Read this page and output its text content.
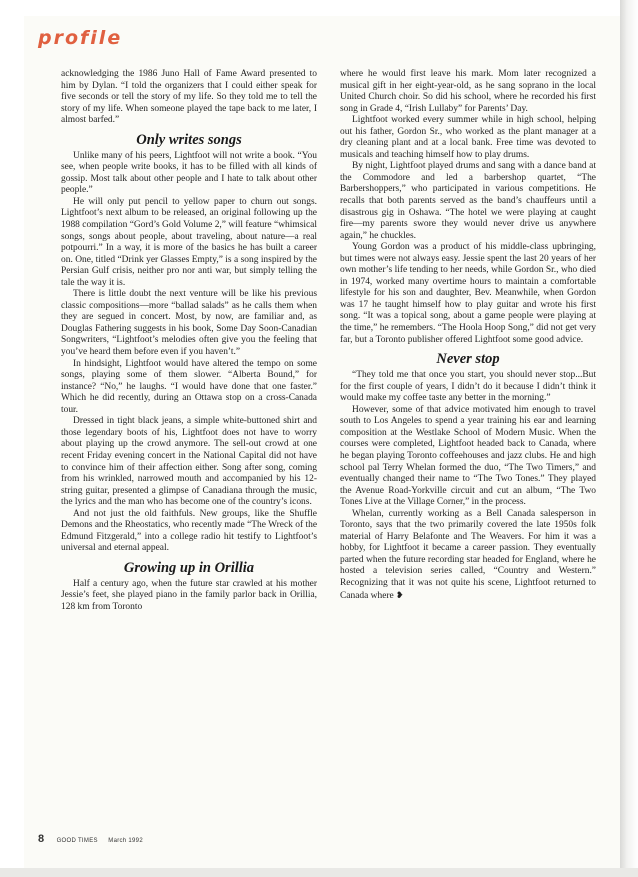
profile

acknowledging the 1986 Juno Hall of Fame Award presented to him by Dylan. “I told the organizers that I could either speak for five seconds or tell the story of my life. So they told me to tell the story of my life. When someone played the tape back to me later, I almost barfed.”

Only writes songs

Unlike many of his peers, Lightfoot will not write a book. “You see, when people write books, it has to be filled with all kinds of gossip. Most talk about other people and I hate to talk about other people.”

He will only put pencil to yellow paper to churn out songs. Lightfoot’s next album to be released, an original following up the 1988 compilation “Gord’s Gold Volume 2,” will feature “whimsical songs, songs about people, about traveling, about nature—a real potpourri.” In a way, it is more of the basics he has built a career on. One, titled “Drink yer Glasses Empty,” is a song inspired by the Persian Gulf crisis, neither pro nor anti war, but simply telling the tale the way it is.

There is little doubt the next venture will be like his previous classic compositions—more “ballad salads” as he calls them when they are segued in concert. Most, by now, are familiar and, as Douglas Fathering suggests in his book, Some Day Soon-Canadian Songwriters, “Lightfoot’s melodies often give you the feeling that you’ve heard them before even if you haven’t.”

In hindsight, Lightfoot would have altered the tempo on some songs, playing some of them slower. “Alberta Bound,” for instance? “No,” he laughs. “I would have done that one faster.” Which he did recently, during an Ottawa stop on a cross-Canada tour.

Dressed in tight black jeans, a simple white-buttoned shirt and those legendary boots of his, Lightfoot does not have to worry about playing up the crowd anymore. The sell-out crowd at one recent Friday evening concert in the National Capital did not have to convince him of their affection either. Song after song, coming from his wrinkled, narrowed mouth and accompanied by his 12-string guitar, presented a glimpse of Canadiana through the music, the lyrics and the man who has become one of the country’s icons.

And not just the old faithfuls. New groups, like the Shuffle Demons and the Rheostatics, who recently made “The Wreck of the Edmund Fitzgerald,” into a college radio hit testify to Lightfoot’s universal and eternal appeal.

Growing up in Orillia

Half a century ago, when the future star crawled at his mother Jessie’s feet, she played piano in the family parlor back in Orillia, 128 km from Toronto

where he would first leave his mark. Mom later recognized a musical gift in her eight-year-old, as he sang soprano in the local United Church choir. So did his school, where he recorded his first song in Grade 4, “Irish Lullaby” for Parents’ Day.

Lightfoot worked every summer while in high school, helping out his father, Gordon Sr., who worked as the plant manager at a dry cleaning plant and at a local bank. Free time was devoted to musicals and teaching himself how to play drums.

By night, Lightfoot played drums and sang with a dance band at the Commodore and led a barbershop quartet, “The Barbershoppers,” who participated in various competitions. He recalls that both parents served as the band’s chauffeurs until a disastrous gig in Oshawa. “The hotel we were playing at caught fire—my parents swore they would never drive us anywhere again,” he chuckles.

Young Gordon was a product of his middle-class upbringing, but times were not always easy. Jessie spent the last 20 years of her own mother’s life tending to her needs, while Gordon Sr., who died in 1974, worked many overtime hours to maintain a comfortable lifestyle for his son and daughter, Bev. Meanwhile, when Gordon was 17 he taught himself how to play guitar and wrote his first song. “It was a topical song, about a game people were playing at the time,” he remembers. “The Hoola Hoop Song,” did not get very far, but a Toronto publisher offered Lightfoot some good advice.

Never stop

“They told me that once you start, you should never stop...But for the first couple of years, I didn’t do it because I didn’t think it would make my coffee taste any better in the morning.”

However, some of that advice motivated him enough to travel south to Los Angeles to spend a year training his ear and learning composition at the Westlake School of Modern Music. When the courses were completed, Lightfoot headed back to Canada, where he began playing Toronto coffeehouses and jazz clubs. He and high school pal Terry Whelan formed the duo, “The Two Timers,” and eventually changed their name to “The Two Tones.” They played the Avenue Road-Yorkville circuit and cut an album, “The Two Tones Live at the Village Corner,” in the process.

Whelan, currently working as a Bell Canada salesperson in Toronto, says that the two primarily covered the late 1950s folk material of Harry Belafonte and The Weavers. For him it was a hobby, for Lightfoot it became a career passion. They eventually parted when the future recording star headed for England, where he hosted a television series called, “Country and Western.” Recognizing that it was not quite his scene, Lightfoot returned to Canada where ❥

8 GOOD TIMES March 1992
